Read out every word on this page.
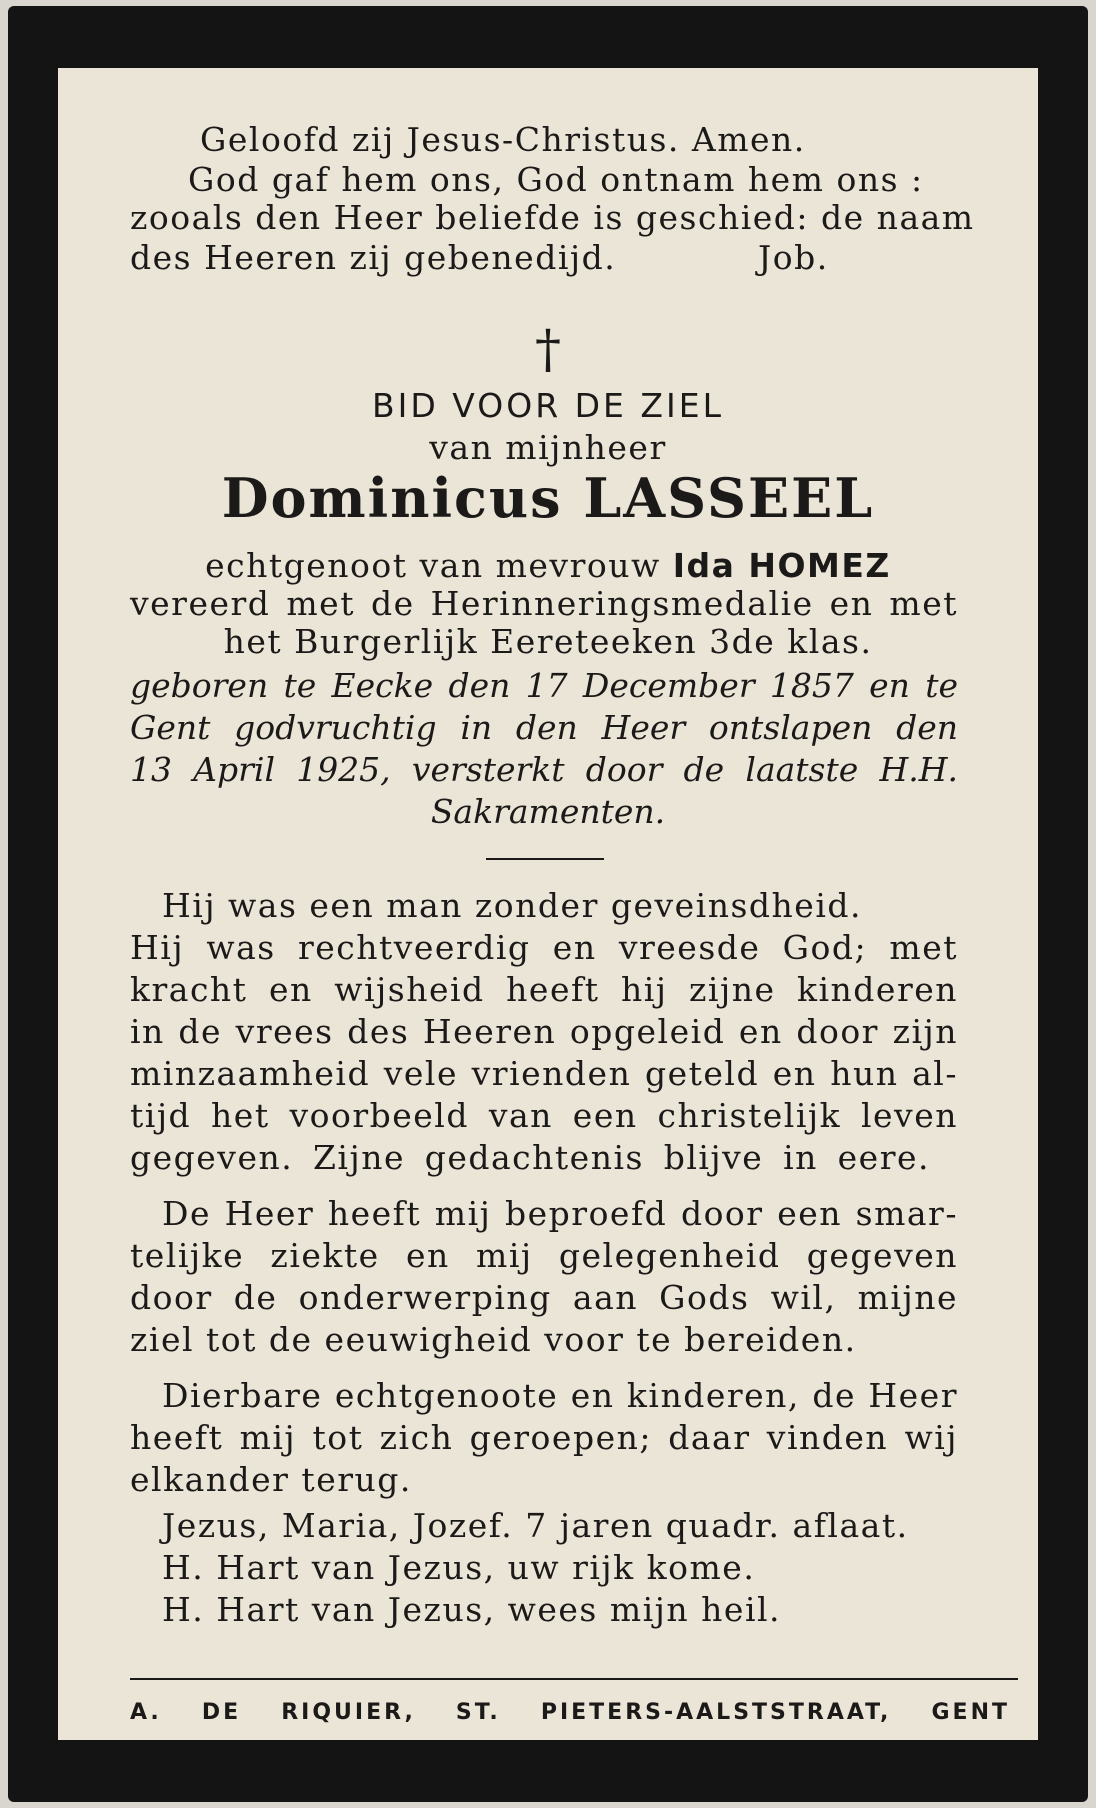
Geloofd zij Jesus-Christus. Amen.
God gaf hem ons, God ontnam hem ons :
zooals den Heer beliefde is geschied: de naam
des Heeren zij gebenedijd.	Job.
†
BID VOOR DE ZIEL
van mijnheer
Dominicus LASSEEL
echtgenoot van mevrouw Ida HOMEZ
vereerd met de Herinneringsmedalie en met
het Burgerlijk Eereteeken 3de klas.
geboren te Eecke den 17 December 1857 en te
Gent godvruchtig in den Heer ontslapen den
13 April 1925, versterkt door de laatste H.H.
Sakramenten.
Hij was een man zonder geveinsdheid.
Hij was rechtveerdig en vreesde God; met
kracht en wijsheid heeft hij zijne kinderen
in de vrees des Heeren opgeleid en door zijn
minzaamheid vele vrienden geteld en hun al-
tijd het voorbeeld van een christelijk leven
gegeven. Zijne gedachtenis blijve in eere.
De Heer heeft mij beproefd door een smar-
telijke ziekte en mij gelegenheid gegeven
door de onderwerping aan Gods wil, mijne
ziel tot de eeuwigheid voor te bereiden.
Dierbare echtgenoote en kinderen, de Heer
heeft mij tot zich geroepen; daar vinden wij
elkander terug.
Jezus, Maria, Jozef. 7 jaren quadr. aflaat.
H. Hart van Jezus, uw rijk kome.
H. Hart van Jezus, wees mijn heil.
A. DE RIQUIER, ST. PIETERS-AALSTSTRAAT, GENT
